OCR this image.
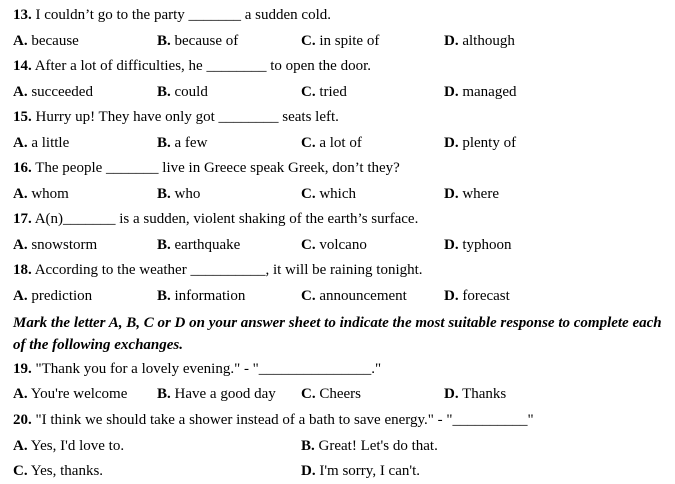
13. I couldn’t go to the party _______ a sudden cold.
A. because	B. because of	C. in spite of	D. although
14. After a lot of difficulties, he ________ to open the door.
A. succeeded	B. could	C. tried	D. managed
15. Hurry up! They have only got ________ seats left.
A. a little	B. a few	C. a lot of	D. plenty of
16. The people _______ live in Greece speak Greek, don’t they?
A. whom	B. who	C. which	D. where
17. A(n)_______ is a sudden, violent shaking of the earth’s surface.
A. snowstorm	B. earthquake	C. volcano	D. typhoon
18. According to the weather __________, it will be raining tonight.
A. prediction	B. information	C. announcement D. forecast
Mark the letter A, B, C or D on your answer sheet to indicate the most suitable response to complete each of the following exchanges.
19. "Thank you for a lovely evening." - "_______________."
A. You're welcome B. Have a good day C. Cheers	D. Thanks
20. "I think we should take a shower instead of a bath to save energy." - "__________"
A. Yes, I'd love to.	B. Great! Let's do that.
C. Yes, thanks.	D. I'm sorry, I can't.
